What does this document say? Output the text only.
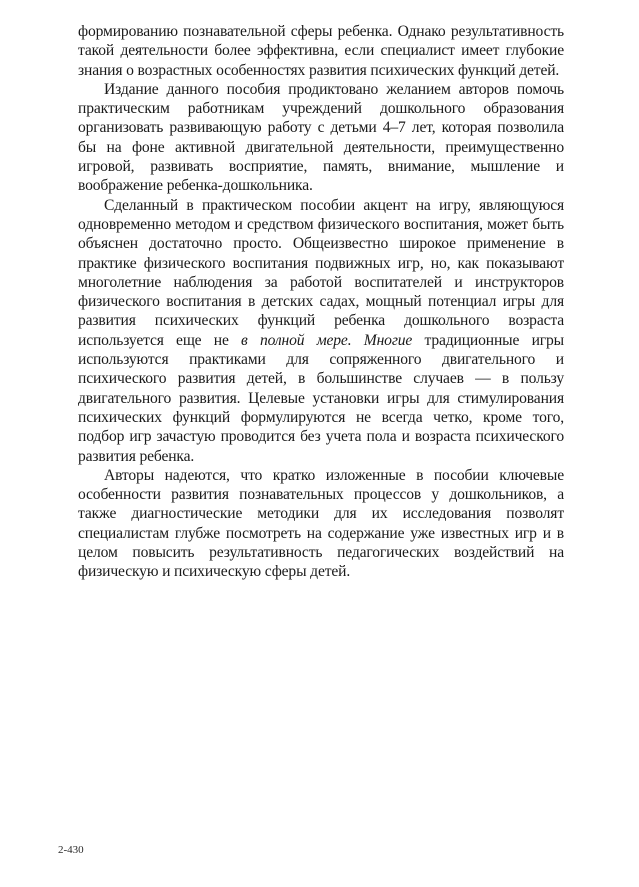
формированию познавательной сферы ребенка. Однако результативность такой деятельности более эффективна, если специалист имеет глубокие знания о возрастных особенностях развития психических функций детей.

Издание данного пособия продиктовано желанием авторов помочь практическим работникам учреждений дошкольного образования организовать развивающую работу с детьми 4–7 лет, которая позволила бы на фоне активной двигательной деятельности, преимущественно игровой, развивать восприятие, память, внимание, мышление и воображение ребенка-дошкольника.

Сделанный в практическом пособии акцент на игру, являющуюся одновременно методом и средством физического воспитания, может быть объяснен достаточно просто. Общеизвестно широкое применение в практике физического воспитания подвижных игр, но, как показывают многолетние наблюдения за работой воспитателей и инструкторов физического воспитания в детских садах, мощный потенциал игры для развития психических функций ребенка дошкольного возраста используется еще не в полной мере. Многие традиционные игры используются практиками для сопряженного двигательного и психического развития детей, в большинстве случаев — в пользу двигательного развития. Целевые установки игры для стимулирования психических функций формулируются не всегда четко, кроме того, подбор игр зачастую проводится без учета пола и возраста психического развития ребенка.

Авторы надеются, что кратко изложенные в пособии ключевые особенности развития познавательных процессов у дошкольников, а также диагностические методики для их исследования позволят специалистам глубже посмотреть на содержание уже известных игр и в целом повысить результативность педагогических воздействий на физическую и психическую сферы детей.

2-430
